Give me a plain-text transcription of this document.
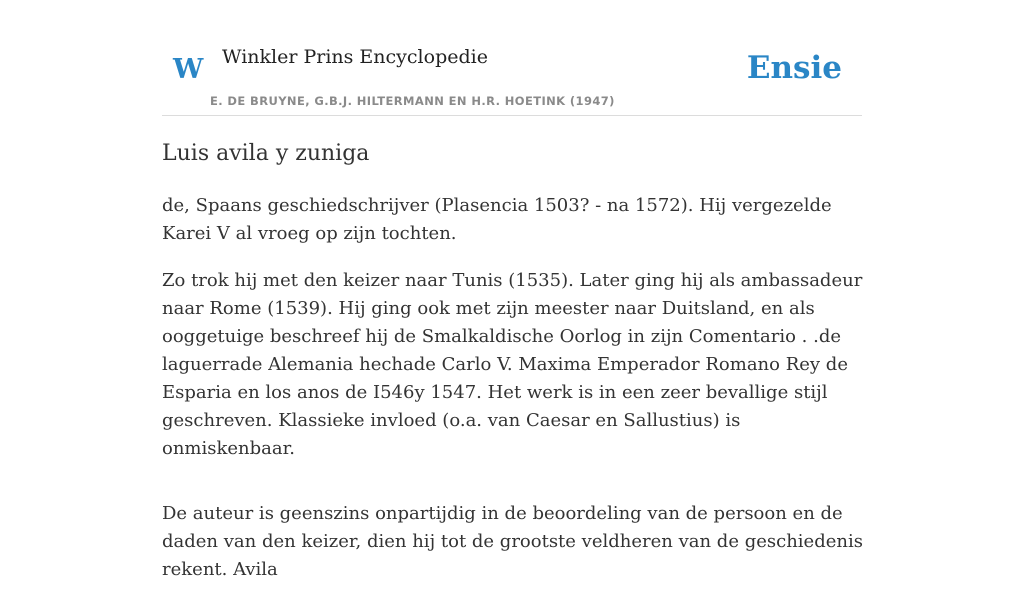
W Winkler Prins Encyclopedie
E. DE BRUYNE, G.B.J. HILTERMANN EN H.R. HOETINK (1947)
Ensie
Luis avila y zuniga

de, Spaans geschiedschrijver (Plasencia 1503? - na 1572). Hij vergezelde Karei V al vroeg op zijn tochten.

Zo trok hij met den keizer naar Tunis (1535). Later ging hij als ambassadeur naar Rome (1539). Hij ging ook met zijn meester naar Duitsland, en als ooggetuige beschreef hij de Smalkaldische Oorlog in zijn Comentario . .de laguerrade Alemania hechade Carlo V. Maxima Emperador Romano Rey de Esparia en los anos de I546y 1547. Het werk is in een zeer bevallige stijl geschreven. Klassieke invloed (o.a. van Caesar en Sallustius) is onmiskenbaar.

De auteur is geenszins onpartijdig in de beoordeling van de persoon en de daden van den keizer, dien hij tot de grootste veldheren van de geschiedenis rekent. Avila
